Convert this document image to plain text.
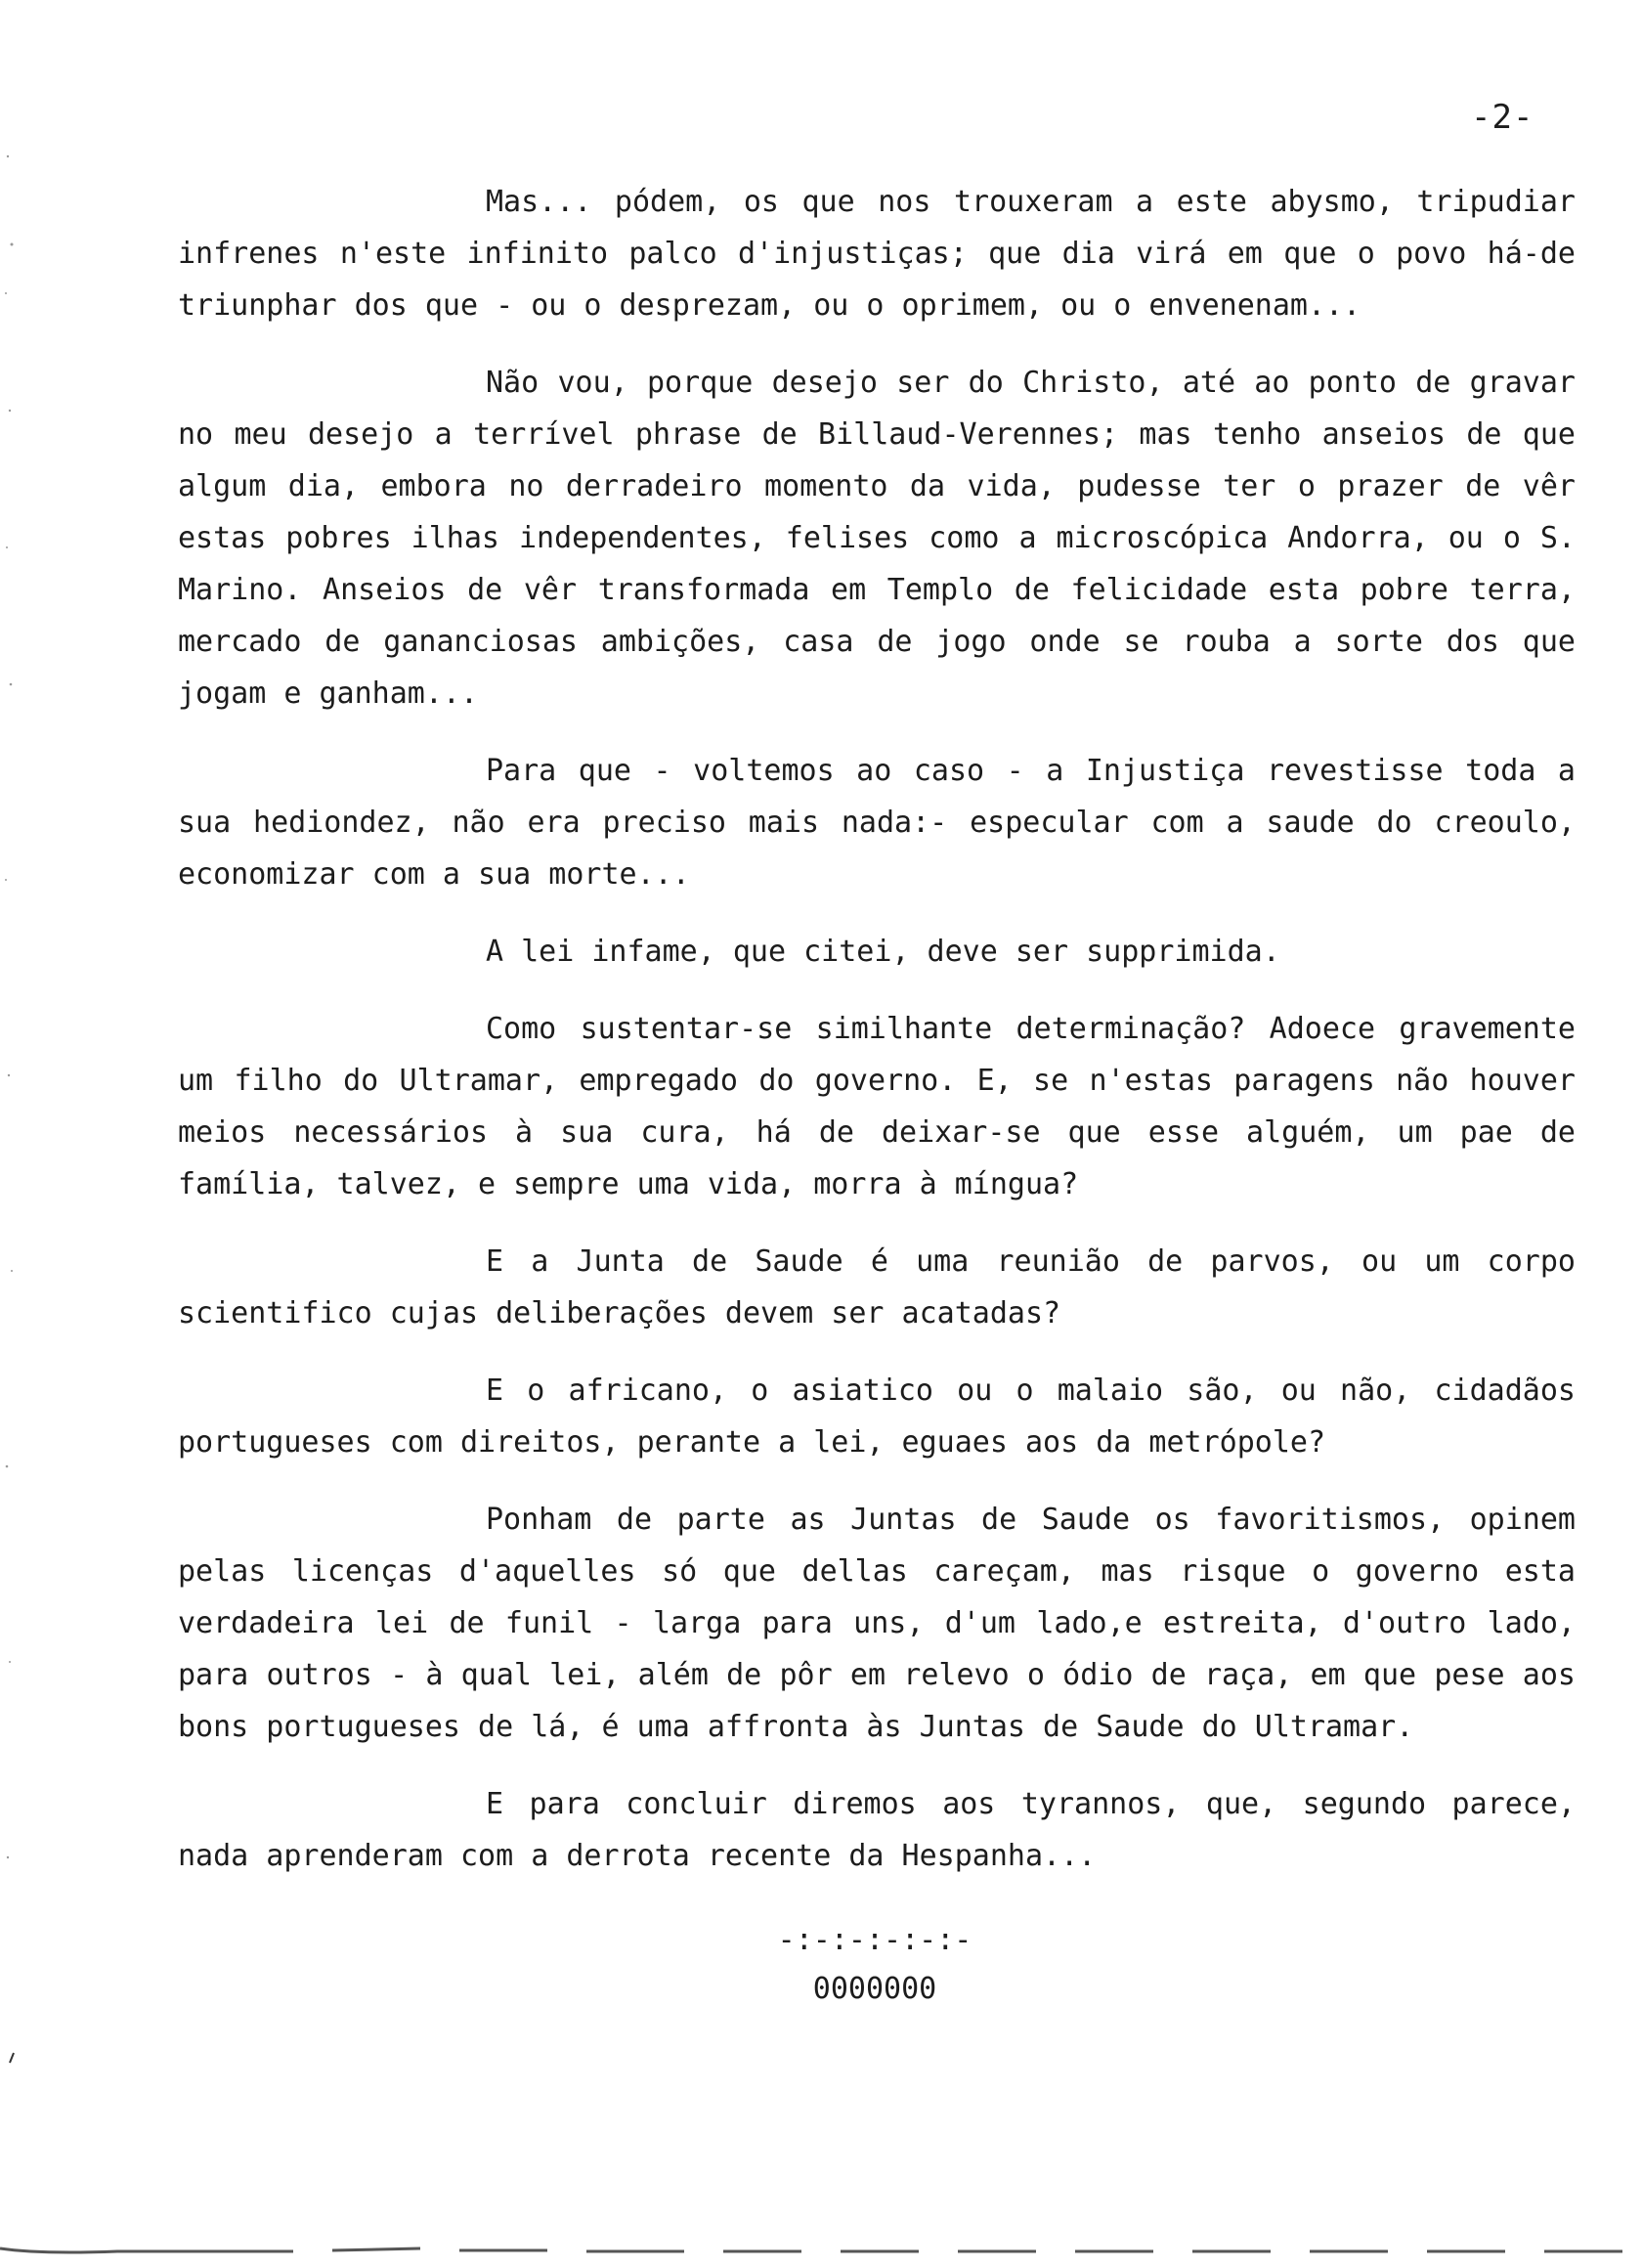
-2-

Mas... pódem, os que nos trouxeram a este abysmo, tripudiar infrenes n'este infinito palco d'injustiças; que dia virá em que o povo há-de triunphar dos que - ou o desprezam, ou o oprimem, ou o envenenam...

Não vou, porque desejo ser do Christo, até ao ponto de gravar no meu desejo a terrível phrase de Billaud-Verennes; mas tenho anseios de que algum dia, embora no derradeiro momento da vida, pudesse ter o prazer de vêr estas pobres ilhas independentes, felises como a microscópica Andorra, ou o S. Marino. Anseios de vêr transformada em Templo de felicidade esta pobre terra, mercado de gananciosas ambições, casa de jogo onde se rouba a sorte dos que jogam e ganham...

Para que - voltemos ao caso - a Injustiça revestisse toda a sua hediondez, não era preciso mais nada:- especular com a saude do creoulo, economizar com a sua morte...

A lei infame, que citei, deve ser supprimida.

Como sustentar-se similhante determinação? Adoece gravemente um filho do Ultramar, empregado do governo. E, se n'estas paragens não houver meios necessários à sua cura, há de deixar-se que esse alguém, um pae de família, talvez, e sempre uma vida, morra à míngua?

E a Junta de Saude é uma reunião de parvos, ou um corpo scientifico cujas deliberações devem ser acatadas?

E o africano, o asiatico ou o malaio são, ou não, cidadãos portugueses com direitos, perante a lei, eguaes aos da metrópole?

Ponham de parte as Juntas de Saude os favoritismos, opinem pelas licenças d'aquelles só que dellas careçam, mas risque o governo esta verdadeira lei de funil - larga para uns, d'um lado,e estreita, d'outro lado, para outros - à qual lei, além de pôr em relevo o ódio de raça, em que pese aos bons portugueses de lá, é uma affronta às Juntas de Saude do Ultramar.

E para concluir diremos aos tyrannos, que, segundo parece, nada aprenderam com a derrota recente da Hespanha...

-:-:-:-:-:-
0000000
